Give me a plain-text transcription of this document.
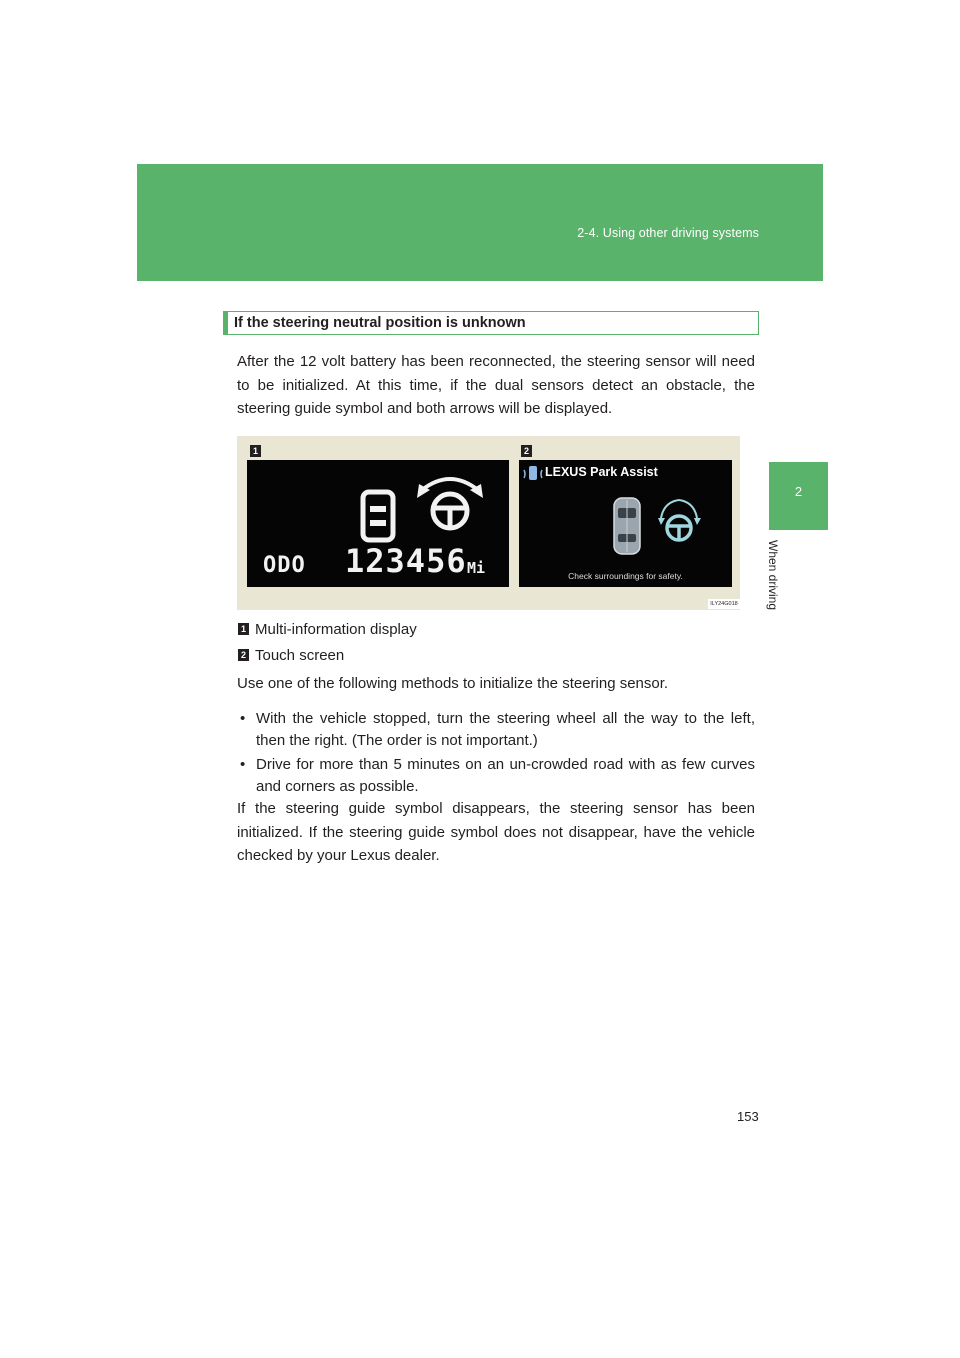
2-4. Using other driving systems
2
When driving
If the steering neutral position is unknown
After the 12 volt battery has been reconnected, the steering sensor will need to be initialized. At this time, if the dual sensors detect an obstacle, the steering guide symbol and both arrows will be displayed.
1	2
ODO 123456 Mi
LEXUS Park Assist
Check surroundings for safety.
ILY24G018
1 Multi-information display
2 Touch screen
Use one of the following methods to initialize the steering sensor.
• With the vehicle stopped, turn the steering wheel all the way to the left, then the right. (The order is not important.)
• Drive for more than 5 minutes on an un-crowded road with as few curves and corners as possible.
If the steering guide symbol disappears, the steering sensor has been initialized. If the steering guide symbol does not disappear, have the vehicle checked by your Lexus dealer.
153
